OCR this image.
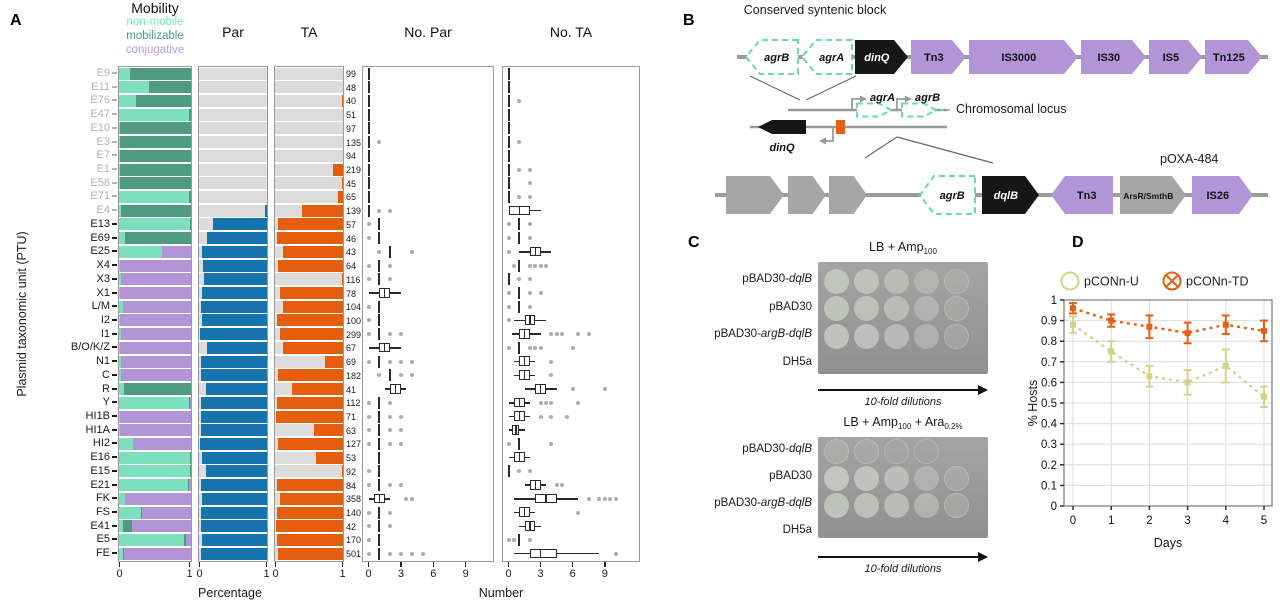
A	B
C	D
Mobility
non-mobile
mobilizable
conjugative
Par	TA	No. Par	No. TA
Plasmid taxonomic unit (PTU)
Percentage	Number
Conserved syntenic block
Chromosomal locus
pOXA-484
agrB	agrA dinQ	Tn3	IS3000	IS30	IS5	Tn125
dinQ
agrA agrB
agrB	dqlB	Tn3	ArsR/SmthB	IS26
0	1	2	3	4	5
0
0.1
0.2
0.3
0.4
0.5
0.6
0.7
0.8
0.9
1
pCONn-U	pCONn-TD
Days
% Hosts
E9	99
E11	48
E76	40
E47	51
E10	97
E3	135
E7	94
E1	219
E58	45
E71	65
E4	139
E13	57
E69	46
E25	43
X4	64
X3	116
X1	78
L/M	104
I2	100
I1	299
B/O/K/Z	67
N1	69
C	182
R	41
Y	112
HI1B	71
HI1A	63
HI2	127
E16	53
E15	92
E21	84
FK	358
FS	140
E41	42
E5	170
FE	501
0	1 0	1 0	1	0	3	6	9	0	3	6	9
LB + Amp$_{100}$
pBAD30-dqlB
pBAD30
pBAD30-argB-dqlB
DH5a
10-fold dilutions
LB + Amp$_{100}$ + Ara$_{0.2\%}$
pBAD30-dqlB
pBAD30
pBAD30-argB-dqlB
DH5a
10-fold dilutions
